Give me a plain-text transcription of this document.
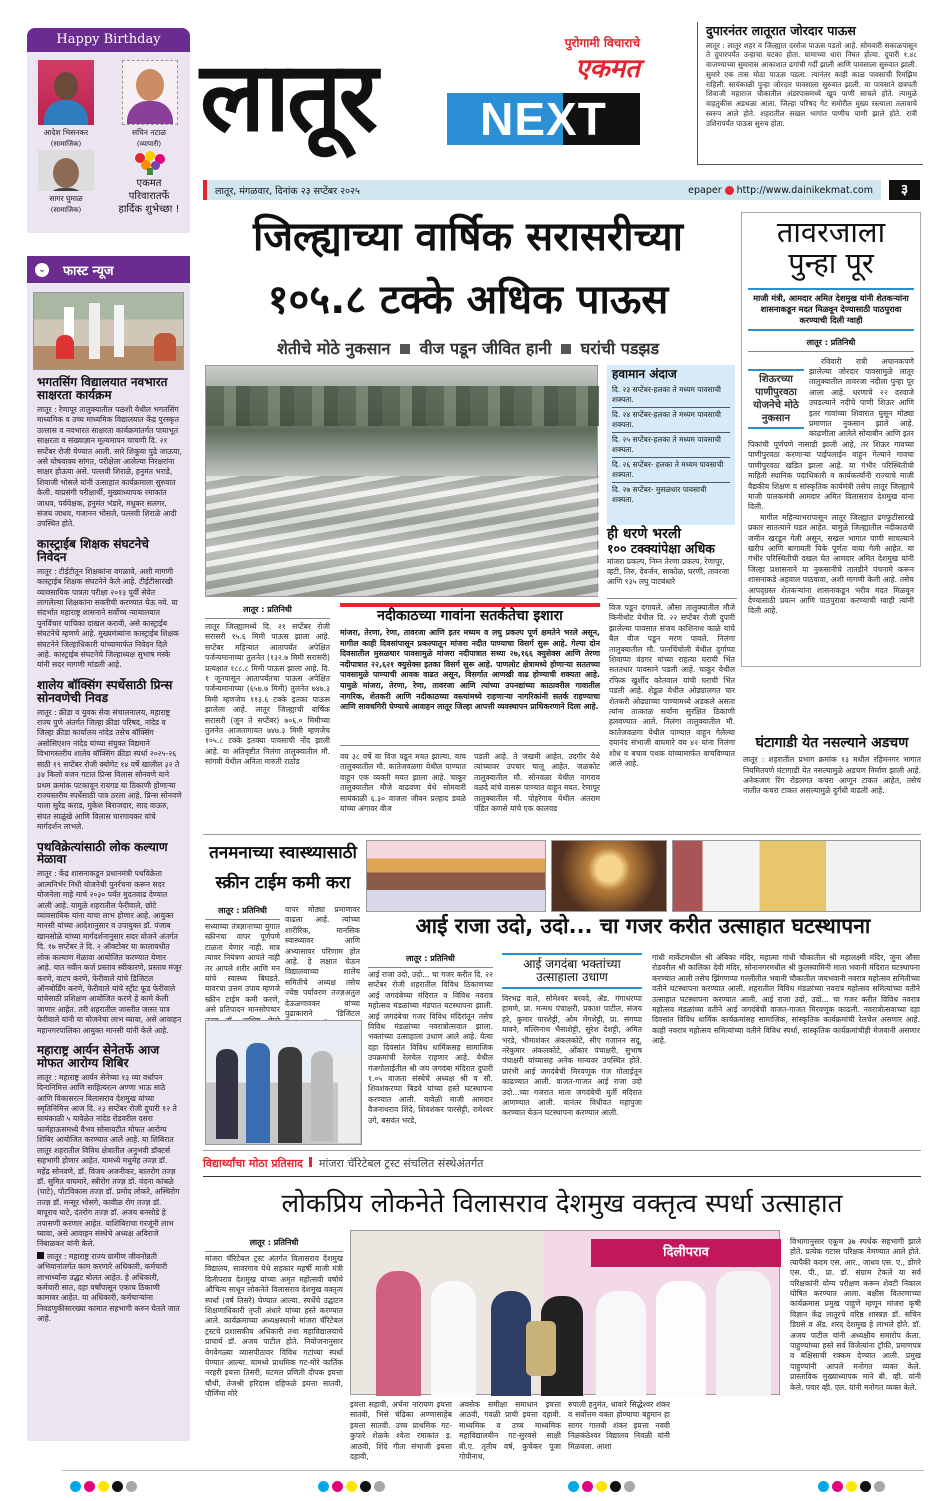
Happy Birthday
आदेश भिसनकर
(सामाजिक)
सचिन नटाळ
(व्यापारी)
सागर घुमाळ
(सामाजिक)
एकमत
परिवारातर्फे
हार्दिक शुभेच्छा !
⌄ फास्ट न्यूज
भगतसिंग विद्यालयात नवभारत साक्षरता कार्यक्रम
लातूर : रेणापूर तालुक्यातील पळशी येथील भगतसिंग माध्यमिक व उच्च माध्यमिक विद्यालयात केंद्र पुरस्कृत उल्लास व नवभारत साक्षरता कार्यक्रमांतर्गत पायाभूत साक्षरता व संख्याज्ञान मूल्यमापन चाचणी दि. २१ सप्टेंबर रोजी घेण्यात आली. सारे शिकूया पुढे जाऊया, असे घोषवाक्य सांगत, परीक्षेला आलेल्या निरक्षरांना साक्षर होऊया असे. पल्लवी शिराळे, हनुमंत भराडे, शिवाजी भोसले यांनी उत्साहात कार्यक्रमाला सुरुवात केली. याप्रसंगी परीक्षार्थी, मुख्याध्यापक रमाकांत जाधव, पर्यवेक्षक, हनुमंत भंडारे, मधुकर सलगर, संजय जाधव, गजानन भोसले, पल्लवी शिराळे आदी उपस्थित होते.
कास्ट्राईब शिक्षक संघटनेचे निवेदन
लातूर : टीईटीतून शिक्षकांना वगळावे, अशी मागणी कास्ट्राईब शिक्षक संघटनेने केले आहे. टीईटीसारखी व्यावसायिक पात्रता परीक्षा २०१३ पूर्वी सेवेत लागलेल्या शिक्षकांना सक्तीची करण्यात येऊ नये. या संदर्भात महाराष्ट्र शासनाने सर्वोच्च न्यायालयात पुनर्विचार याचिका दाखल करावी, असे कास्ट्राईब संघटनेचे म्हणणे आहे. मुख्यमंत्र्यांना कास्ट्राईब शिक्षक संघटनेने जिल्हाधिकारी यांच्यामार्फत निवेदन दिले आहे. कास्ट्राईब संघटनेचे जिल्हाध्यक्ष सुभाष मस्के यांनी सदर मागणी मांडली आहे.
शालेय बॉक्सिंग स्पर्धेसाठी प्रिन्स सोनवणेची निवड
लातूर : क्रीडा व युवक सेवा संचालनालय, महाराष्ट्र राज्य पुणे अंतर्गत जिल्हा क्रीडा परिषद, नांदेड व जिल्हा क्रीडा कार्यालय नांदेड तसेच बॉक्सिंग असोसिएशन नांदेड यांच्या संयुक्त विद्यमाने विभागस्तरीय शालेय बॉक्सिंग क्रीडा स्पर्धा २०२५-२६ साठी १९ सप्टेंबर रोजी क्योगेट १४ वर्षे खालील ३२ ते ३४ किलो वजन गटात प्रिन्स विलास सोनवणे याने प्रथम क्रमांक पटकावून रायगड या ठिकाणी होणाऱ्या राज्यस्तरीय स्पर्धेसाठी पात्र ठरला आहे. प्रिन्स सोनवणे याला सुरेंद्र कराड, मुकेश बिराजदार, साद वाऊरु, संपत साळुंखे आणि विलास घारगावकर यांचे मार्गदर्शन लाभले.
पथविक्रेत्यांसाठी लोक कल्याण मेळावा
लातूर : केंद्र शासनाकडून प्रधानमंत्री पथविक्रेता आत्मनिर्भर निधी योजनेची पुनर्रचना करून सदर योजनेला माहे मार्च २०३० पर्यंत मुदतवाढ देण्यात आली आहे. यामुळे शहरातील फेरीवाले, छोटे व्यावसायिक यांना याचा लाभ होणार आहे. आयुक्त मानसी यांच्या आदेशानुसार व उपायुक्त डॉ. पंजाब खानसोळे यांच्या मार्गदर्शनानुसार सदर योजने अंतर्गत दि. १७ सप्टेंबर ते दि. २ ऑक्टोबर या कालावधीत लोक कल्याण मेळावा आयोजित करण्यात येणार आहे. यात नवीन कर्ज प्रस्ताव स्वीकारणे, प्रस्ताव मंजूर करणे, वाटप करणे, फेरीवाले यांचे डिजिटल ऑनबोर्डिंग करणे, फेरीवाले यांचे स्ट्रीट फूड फेरीवाले यांचेसाठी प्रशिक्षण आयोजित करणे हे कामे केली जाणार आहेत. तरी शहरातील जास्तीत जास्त पात्र फेरीवाले यांनी या योजनेचा लाभ घ्यावा, असे आवाहन महानगरपालिका आयुक्त मानसी यांनी केले आहे.
महाराष्ट्र आर्यन सेनेतर्फे आज मोफत आरोग्य शिबिर
लातूर : महाराष्ट्र आर्यन सेनेच्या १३ व्या वर्धापन दिनानिमित्त आणि साहित्यरत्न अण्णा भाऊ साठे आणि विकासरत्न विलासराव देशमुख यांच्या स्मृतिनिमित्त आज दि. २३ सप्टेंबर रोजी दुपारी १२ ते सायंकाळी ५ यावेळेत नांदेड रोडवरील दसरा फार्महाऊसमध्ये वैभव सोसायटीत मोफत आरोग्य शिबिर आयोजित करण्यात आले आहे. या शिबिरात लातूर शहरातील विविध क्षेत्रातील अनुभवी डॉक्टर्स सहभागी होणार आहेत. यामध्ये मधुमेह तज्ज्ञ डॉ. महेंद्र सोनवणे, डॉ. विजय अजनीकर, बालरोग तज्ज्ञ डॉ. सुमित वाघमारे, स्त्रीरोग तज्ज्ञ डॉ. वंदना कांबळे (घाटे), पोटविकास तज्ज्ञ डॉ. प्रमोद लोकरे, अस्थिरोग तज्ज्ञ डॉ. मन्सूर भोसगे, कावीळ रोग तज्ज्ञ डॉ. बापूराव घाटे, दंतरोग तज्ज्ञ डॉ. अजय बनसोडे हे तपासणी करणार आहेत. याशिबिराचा गरजूंनी लाभ घ्यावा, असे आवाहन संस्थेचे अध्यक्ष अविराजे निंबाळकर यांनी केले.
लातूर : महाराष्ट्र राज्य ग्रामीण जीवनोन्नती अभियानांतर्गत काम करणारे अधिकारी, कर्मचारी लाभार्थ्यांना उद्धट बोलत आहेत. हे अधिकारी, कर्मचारी सात, दहा वर्षांपासून एकाच ठिकाणी कामावर आहेत. या अधिकारी, कर्मचाऱ्यांना निवडणुकीसारख्या कामात सहभागी करुन घेतले जात आहे.
लातूर	पुरोगामी विचाराचे
एकमत
NEXT
दुपारनंतर लातूरात जोरदार पाऊस
लातूर : लातूर शहर व जिल्ह्यात दररोज पाऊस पडतो आहे. सोमवारी सकाळपासून ते दुपारपर्यंत उन्हाचा चटका होता. घामाच्या धारा निघत होत्या. दुपारी १.४८ वाजण्याच्या सुमारास आकाशात ढगांची गर्दी झाली आणि पावसाला सुरुवात झाली. सुमारे एक तास मोठा पाऊस पडला. त्यानंतर काही काळ पावसाची रिमझिम राहिली. सायंकाळी पुन्हा जोरदार पावसाला सुरुवात झाली. या पावसाने छत्रपती शिवाजी महाराज चौकातील अंडरपासमध्ये खूप पाणी साचले होते. त्यामुळे वाहतुकीस अडथळा आला. जिल्हा परिषद गेट समोरील मुख्य रस्त्याला तलावाचे स्वरुप आले होते. शहरातील सखल भागांत पाणीच पाणी झाले होते. रात्री उशिरापर्यंत पाऊस सुरुच होता.
लातूर, मंगळवार, दिनांक २३ सप्टेंबर २०२५	epaper http://www.dainikekmat.com	३
जिल्ह्याच्या वार्षिक सरासरीच्या
१०५.८ टक्के अधिक पाऊस
शेतीचे मोठे नुकसान वीज पडून जीवित हानी घरांची पडझड
हवामान अंदाज
दि. २३ सप्टेंबर-हलका ते मध्यम पावसाची शक्यता.
दि. २४ सप्टेंबर-हलका ते मध्यम पावसाची शक्यता.
दि. २५ सप्टेंबर-हलका ते मध्यम पावसाची शक्यता.
दि. २६ सप्टेंबर- हलका ते मध्यम पावसाची शक्यता.
दि. २७ सप्टेंबर- मुसळधार पावसाची शक्यता.
ही धरणे भरली
१०० टक्क्यांपेक्षा अधिक
मांजरा प्रकल्प, निम्न तेरणा प्रकल्प, रेणापूर, व्हटी, तिरु, देवर्जन, साकोळ, घरणी, तावरजा आणि १३५ लघु पाटबंधारे
तावरजाला
पुन्हा पूर
माजी मंत्री, आमदार अमित देशमुख यांनी शेतकऱ्यांना शासनाकडून मदत मिळवून देण्यासाठी पाठपुरावा करण्याची दिली ग्वाही
लातूर : प्रतिनिधी
शिऊरच्या पाणीपुरवठा योजनेचे मोठे नुकसान

रविवारी रात्री अचानकपणे झालेल्या जोरदार पावसामुळे लातूर तालुक्यातील तावरजा नदीला पुन्हा पूर आला आहे. धरणाचे २२ दरवाजे उघडल्याने नदीचे पाणी शिऊर आणि इतर गावांच्या शिवारात घुसून मोठ्या प्रमाणात नुकसान झाले आहे. काढणीला आलेले सोयाबीन आणि इतर पिकांची पूर्णपणे नासाडी झाली आहे, तर शिऊर गावच्या पाणीपुरवठा करणाऱ्या पाईपलाईन वाहून गेल्याने गावचा पाणीपुरवठा खंडित झाला आहे. या गंभीर परिस्थितीची माहिती स्थानिक पदाधिकारी व कार्यकर्त्यांनी राज्याचे माजी वैद्यकीय शिक्षण व सांस्कृतिक कार्यमंत्री तसेच लातूर जिल्ह्याचे माजी पालकमंत्री आमदार अमित विलासराव देशमुख यांना दिली.

मागील महिन्याभरापासून लातूर जिल्ह्यात ढगफुटीसारखे प्रकार सातत्याने घडत आहेत. यामुळे जिल्ह्यातील नदीकाठची जमीन खरडून गेली असून, सखल भागात पाणी साचल्याने खरीप आणि बागायती पिके पूर्णतः वाया गेली आहेत. या गंभीर परिस्थितीची दखल घेत आमदार अमित देशमुख यांनी जिल्हा प्रशासनाने या नुकसानीचे तातडीने पंचनामे करून शासनाकडे अहवाल पाठवावा, अशी मागणी केली आहे. तसेच आपद्ग्रस्त शेतकऱ्यांना शासनाकडून भरीव मदत मिळवून देण्यासाठी प्रयत्न आणि पाठपुरावा करण्याची ग्वाही त्यांनी दिली आहे.

लातूर : प्रतिनिधी
लातूर जिल्ह्यामध्ये दि. २१ सप्टेंबर रोजी सरासरी १५.६ मिमी पाऊस झाला आहे. सप्टेंबर महिन्यात आतापर्यंत अपेक्षित पर्जन्यमानाच्या तुलनेत (१३२.७ मिमी सरासरी) प्रत्यक्षात १८८.८ मिमी पाऊस झाला आहे. दि. १ जूनपासून आतापर्यंतचा पाऊस अपेक्षित पर्जन्यमानाच्या (६५७.७ मिमी) तुलनेत ७४७.३ मिमी म्हणजेच ११३.६ टक्के इतका पाऊस झालेला आहे. लातूर जिल्ह्याची वार्षिक सरासरी (जून ते सप्टेंबर) ७०६.० मिमीच्या तुलनेत आजतागायत ७४७.३ मिमी म्हणजेच १०५.८ टक्के इतक्या पावसाची नोंद झाली आहे. या अतिवृष्टीत निलंगा तालुक्यातील मौ. सांगवी येथील अनिता मारुती राठोड
नदीकाठच्या गावांना सतर्कतेचा इशारा
मांजरा, तेरणा, रेणा, तावरजा आणि इतर मध्यम व लघु प्रकल्प पूर्ण क्षमतेने भरले असून, मागील काही दिवसांपासून प्रकल्पातून मांजरा नदीत पाण्याचा विसर्ग सुरू आहे. गेल्या दोन दिवसातील मुसळधार पावसामुळे मांजरा नदीपात्रात सध्या २७,१६६ क्युसेक्स आणि तेरणा नदीपात्रात २२,६२१ क्युसेक्स इतका विसर्ग सुरू आहे. पाणलोट क्षेत्रामध्ये होणाऱ्या सततच्या पावसामुळे पाण्याची आवक वाढत असून, विसर्गात आणखी वाढ होण्याची शक्यता आहे. यामुळे मांजरा, तेरणा, रेणा, तावरजा आणि त्यांच्या उपनद्यांच्या काठावरील गावातील नागरिक, शेतकरी आणि नदीकाठच्या वस्त्यांमध्ये राहणाऱ्या नागरिकांनी सतर्क राहण्याचा आणि सावधगिरी घेण्याचे आवाहन लातूर जिल्हा आपत्ती व्यवस्थापन प्राधिकरणाने दिला आहे.
वय ३८ वर्षे या विज पडून मयत झाल्या. याच तालुक्यातील मौ. कातेजवळगा येथील पाण्यात वाहून एक व्यक्ती मयत झाला आहे. चाकूर तालुक्यातील मौजे वाढवणा येथे सोमवारी सायंकाळी ६.३० वाजता जीवन प्रल्हाद डवळे यांच्या अंगावर वीज
पडली आहे. ते जखमी आहेत. उदगीर येथे त्यांच्यावर उपचार चालू आहेत. जळकोट तालुक्यातील मौ. सोनवळा येथील नागराव वळदे यांचे वासरू पाण्यात वाहून मयत. रेणापूर तालुक्यातील मौ. पोहरेगाव येथील अंतराम पंडित कणसे यांचे एक कालवड
विज पडून दगावले. औसा तालुक्यातील मौजे किनीथोट येथील दि. २२ सप्टेंबर रोजी दुपारी झालेल्या पावसात संजय काशिनाथ काळे यांचे बैल वीज पडून मरण पावले. निलंगा तालुक्यातील मौ. पानचिंचोली येथील दुर्गाप्पा शिवाप्पा वंडगर यांच्या राहत्या घराची भिंत सततधार पावसाने पडली आहे. चाकूर येथील रफिक खुर्शीद कोतवाल यांची घराची भिंत पडली आहे. शेडूळ येथील ओढ्यालगत चार शेतकरी ओढ्याच्या पाण्यामध्ये अडकले असता त्यांना तात्काळ सर्वांना सुरक्षित ठिकाणी हलवण्यात आले. निलंगा तालुक्यातील मौ. कातेजवळगा येथील पाण्यात वाहून गेलेल्या दयानंद संभाजी वाघमारे वय ४२ यांना निलंगा शोध व बचाव पथक यांच्यामार्फत वाचविण्यात आले आहे.
घंटागाडी येत नसल्याने अडचण
लातूर : शहरातील प्रभाग क्रमांक १३ मधील रहिमनगर भागात नियमितपणे घंटागाडी येत नसल्यामुळे अडचण निर्माण झाली आहे. अनेकजण रिंग रोडलगत कचरा आणून टाकत आहेत, तसेच नालीत कचरा टाकत असल्यामुळे दुर्गंधी वाढली आहे.
तनमनाच्या स्वास्थ्यासाठी
स्क्रीन टाईम कमी करा
लातूर : प्रतिनिधी
सध्याच्या तंत्रज्ञानाच्या युगात स्क्रीनचा वापर पूर्णपणे टाळता येणार नाही. मात्र त्यावर नियंत्रण आपले नाही तर आपले शरीर आणि मन यांचे स्वास्थ्य बिघडते. यावरचा उत्तम उपाय म्हणजे स्क्रीन टाईम कमी करणे, असे प्रतिपादन मानसोपचार
वापर मोठ्या प्रमाणावर वाढला आहे. त्यांच्या शारीरिक, मानसिक स्वास्थ्यावर आणि अभ्यासावर परिणाम होत आहे. हे लक्षात घेऊन विद्यालयाच्या शालेय समितीचे अध्यक्ष तसेच ज्येष्ठ पर्यावरण तज्ज्ञअतुल देऊळगावकर यांच्या पुढाकाराने 'डिजिटल
आई राजा उदो, उदो... चा गजर करीत उत्साहात घटस्थापना
लातूर : प्रतिनिधी
आई राजा उदो, उदो... चा गजर करीत दि. २२ सप्टेंबर रोजी शहरातील विविध ठिकाणच्या आई जगदंबेच्या मंदिरात व विविध नवरात्र महोत्सव मंडळांच्या मंडपात घटस्थापना झाली. आई जगदंबेचा गजर विविध मंदिरांतून तसेच विविध मंडळांच्या नवरात्रोत्सवात झाला. भक्तांच्या उत्साहाला उधाण आले आहे. येत्या दहा दिवसांत विविध धार्मिकसह सामाजिक उपक्रमांची रेलचेल राहणार आहे. येथील गंजगोलाईतील श्री जय जगदंबा मंदिरात दुपारी १.०५ वाजता संस्थेचे अध्यक्ष श्री व सौ. शिवशंकरप्पा बिडवे यांच्या हस्ते घटस्थापना करण्यात आली. यावेळी माजी आमदार वैजनाथराव शिंदे, शिवशंकर पारसेट्टी, रामेश्वर उगे, बसवंत भरडे,
आई जगदंबा भक्तांच्या उत्साहाला उधाण
विरभद्र वाले, सोमेश्वर बरवदे, ॲड. गंगाधरप्पा हामणे, प्रा. मन्मथ पंचाक्षरी, प्रकाश पाटील, संजय हरे, कुमार पारशेट्टी, ओम मेंगशेट्टी, प्रा. संगप्पा यावने, मल्लिनाथ भैसाशेट्टी, सुरेश देशट्टी, अमित भरडे, भीमाशंकर अंकलकोटे, सीए गजानन सदू, नरेकुमार अंकलकोटे, ओंकार पंचाक्षरी, सुभाष पंचाक्षरी यांच्यासह अनेक मान्यवर उपस्थित होते. प्रारंभी आई जगदंबेची मिरवणूक गंज गोलाईतून काढण्यात आली. वाजत-गाजत आई राजा उदो उदो...च्या गजरात माता जगदंबेची मुर्ती मंदिरात आणण्यात आली. यानंतर विधीवत महापुजा करण्यात येऊन घटस्थापना करण्यात आली.
गांधी मार्केटमधील श्री अंबिका मंदिर, महात्मा गांधी चौकातील श्री महालक्ष्मी मंदिर, जुना औसा रोडवरील श्री कालिका देवी मंदिर, सोनानगरमधील श्री कुलस्वामिनी माता भवानी मंदिरात घटस्थापना करण्यात आली तसेच झिंगणप्पा गल्लीतील भवानी चौकातील जयभवानी नवरात्र महोत्सव समितीच्या वतीने घटस्थापना करण्यात आली. शहरातील विविध मंडळांच्या नवरात्र महोत्सव समित्यांच्या वतीने उत्साहात घटस्थापना करण्यात आली. आई राजा उदो, उदो... चा गजर करीत विविध नवरात्र महोत्सव मंडळांच्या वतीने आई जगदंबेची वाजत-गाजत मिरवणूक काढली. नवरात्रोत्सवाच्या दहा दिवसांत विविध धार्मिक कार्यक्रमांसह सामाजिक, सांस्कृतिक कार्यक्रमांची रेलचेल असणार आहे. काही नवरात्र महोत्सव समित्यांच्या वतीने विविध स्पर्धा, सांस्कृतिक कार्यक्रमांचीही मेजवानी असणार आहे.
विद्यार्थ्यांचा मोठा प्रतिसाद मांजरा चॅरिटेबल ट्रस्ट संचलित संस्थेअंतर्गत
लोकप्रिय लोकनेते विलासराव देशमुख वक्तृत्व स्पर्धा उत्साहात
लातूर : प्रतिनिधी
मांजरा चॅरिटेबल ट्रस्ट अंतर्गत विलासराव देशमुख विद्यालय, सावरगाव येथे सहकार महर्षी माजी मंत्री दिलीपराव देशमुख यांच्या अमृत महोत्सवी वर्षाचे औचित्य साधून लोकनेते विलासराव देशमुख वक्तृत्व स्पर्धा (वर्ष तिसरे) घेण्यात आल्या. स्पर्धेचे उद्घाटन शिक्षणाधिकारी तृप्ती अंधारे यांच्या हस्ते करण्यात आले. कार्यक्रमाच्या अध्यक्षस्थानी मांजरा चॅरिटेबल ट्रस्टचे प्रशासकीय अधिकारी तथा महाविद्यालयाचे प्राचार्य डॉ. अजय पाटील होते. नियोजनानुसार वेगवेगळ्या व्यासपीठावर विविध गटांच्या स्पर्धा घेण्यात आल्या. यामध्ये प्राथमिक गट-मोरे कार्तिक नरहरी इयत्ता तिसरी, घटमल प्रणिती दीपक इयत्ता चौथी, तेजश्री हरिदास दहिफळे इयत्ता सातवी, पौर्णिमा मोरे
दिलीपराव
इयत्ता सहावी, अर्चना नारायण इयत्ता सातवी, भिसे चंद्रिका अण्णासाहेब इयत्ता सातवी. उच्च प्राथमिक गट-कुपारे शेळके श्वेता रमाकांत इ. आठवी, शिंदे गीता संभाजी इयत्ता दहावी,
अवसेक समीक्षा समाधान इयत्ता आठवी, गवळी प्राची इयत्ता दहावी. माध्यमिक व उच्च माध्यमिक महाविद्यालयीन गट-सुरवसे साक्षी बी.ए. तृतीय वर्ष, कुचेकर पूजा गोपीनाथ,
रुपाली हनुमंत, धावारे सिद्धेश्वर शंकर व सर्वोत्तम वक्ता होण्याचा बहुमान हा सागर गालवी शंकर इयत्ता नववी निळकंठेश्वर विद्यालय निवळी यांनी मिळवला. आशा
विभागानुसार एकूण ३७ स्पर्धक सहभागी झाले होते. प्रत्येक गटास परिक्षक नेमण्यात आले होते. त्यापैकी कदम एस. आर., जाधव एस. ए., डोंगरे एस. पी., प्रा. डॉ. संग्राम टेकले या सर्व परिक्षकांनी योग्य परीक्षण करून शेवटी निकाल घोषित करण्यात आला. बक्षीस वितरणाच्या कार्यक्रमास प्रमुख पाहुणे म्हणून मांजरा कृषी विज्ञान केंद्र लातूरचे वरिष्ठ शास्त्रज्ञ डॉ. सचिन डिग्रसे व ॲड. शरद देशमुख हे लाभले होते. डॉ. अजय पाटील यांनी अध्यक्षीय समारोप केला. पाहुण्यांच्या हस्ते सर्व विजेत्यांना ट्रॉफी, प्रमाणपत्र व बक्षिसाची रक्कम देण्यात आली. प्रमुख पाहुण्यांनी आपले मनोगत व्यक्त केले. प्रास्ताविक मुख्याध्यापक माने बी. व्ही. यांनी केले. पवार व्ही. एल. यांनी मनोगत व्यक्त केले.
